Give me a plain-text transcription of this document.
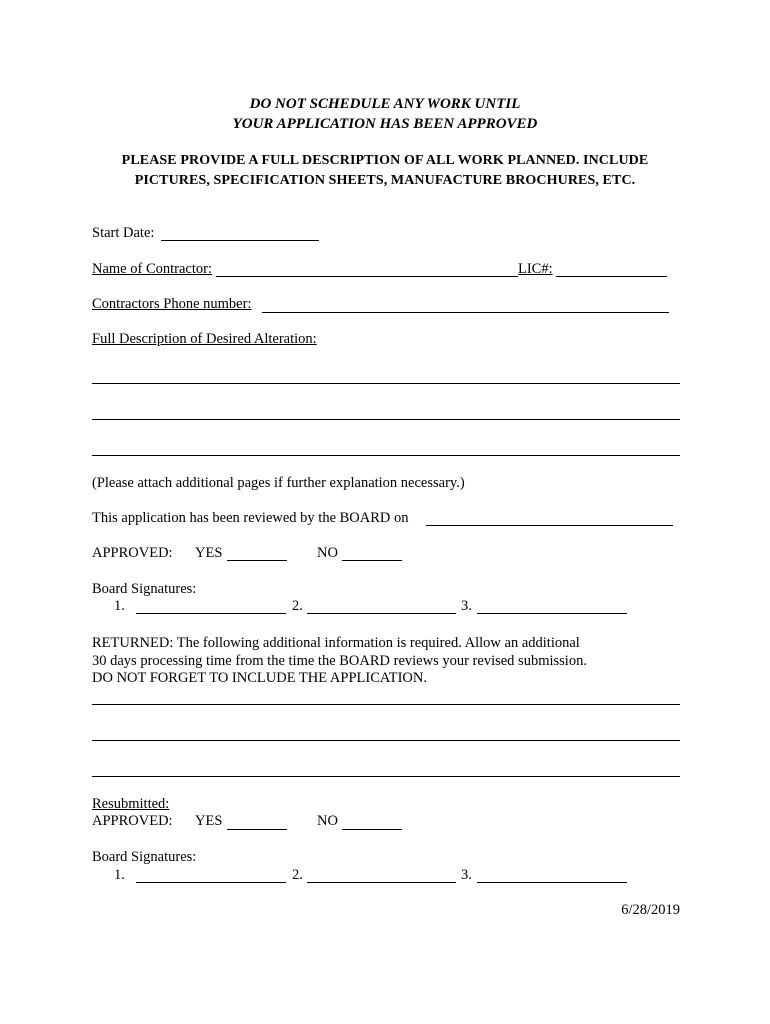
DO NOT SCHEDULE ANY WORK UNTIL
YOUR APPLICATION HAS BEEN APPROVED
PLEASE PROVIDE A FULL DESCRIPTION OF ALL WORK PLANNED. INCLUDE
PICTURES, SPECIFICATION SHEETS, MANUFACTURE BROCHURES, ETC.
Start Date:
Name of Contractor:	LIC#:
Contractors Phone number:
Full Description of Desired Alteration:
(Please attach additional pages if further explanation necessary.)
This application has been reviewed by the BOARD on
APPROVED: YES	NO
Board Signatures:
1.	2.	3.
RETURNED: The following additional information is required. Allow an additional
30 days processing time from the time the BOARD reviews your revised submission.
DO NOT FORGET TO INCLUDE THE APPLICATION.
Resubmitted:
APPROVED: YES	NO
Board Signatures:
1.	2.	3.
6/28/2019
